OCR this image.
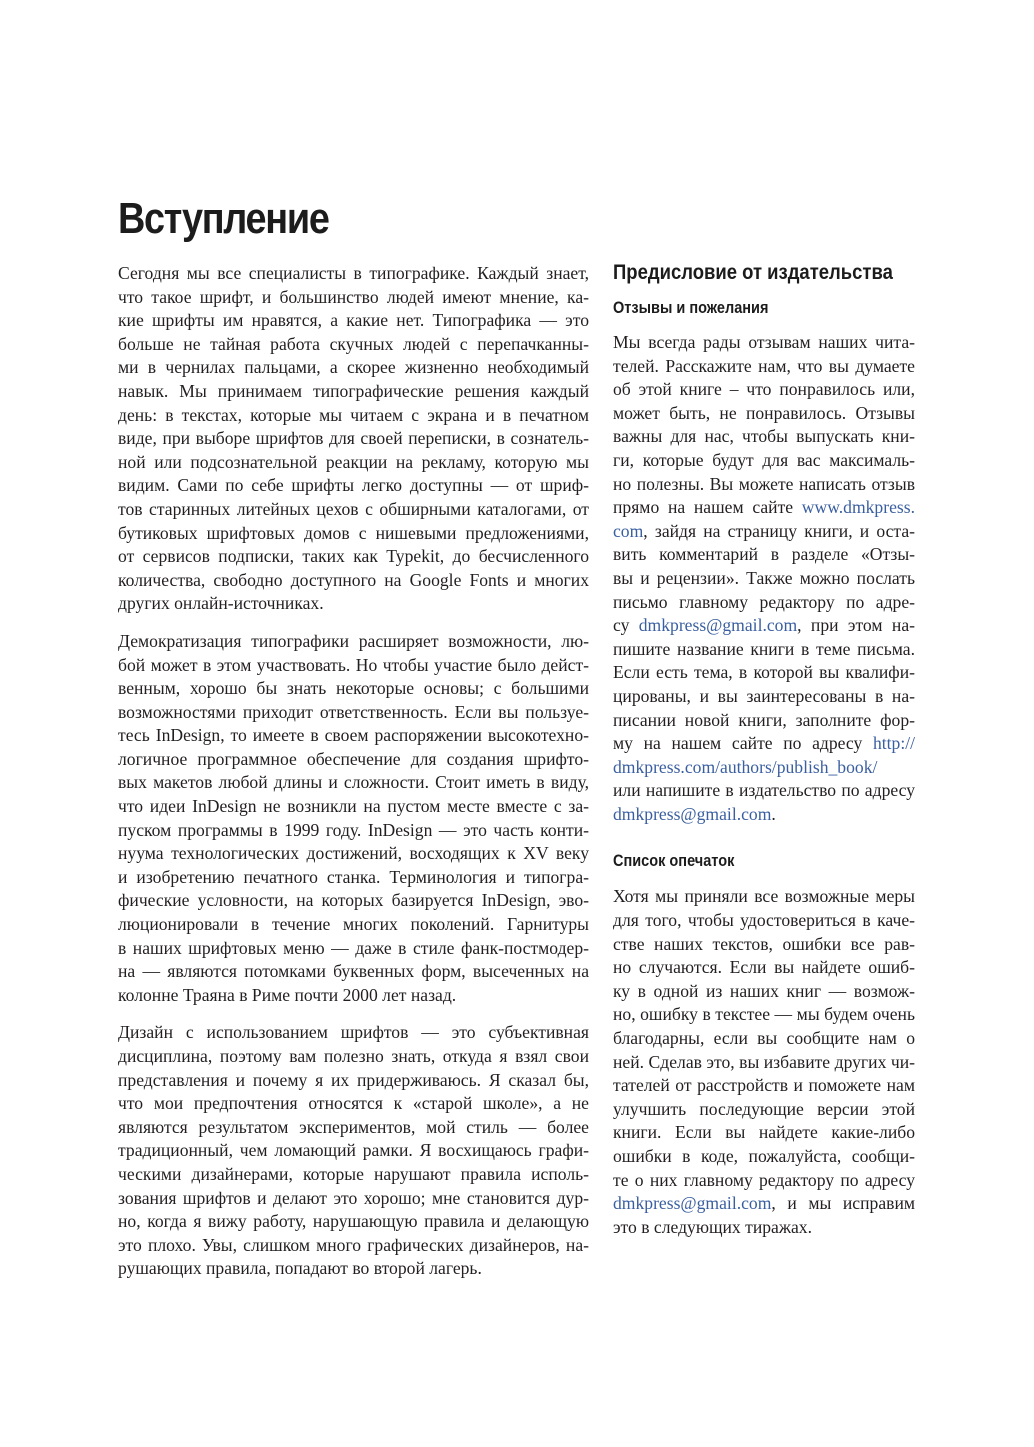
Вступление
Сегодня мы все специалисты в типографике. Каждый знает,
что такое шрифт, и большинство людей имеют мнение, ка-
кие шрифты им нравятся, а какие нет. Типографика — это
больше не тайная работа скучных людей с перепачканны-
ми в чернилах пальцами, а скорее жизненно необходимый
навык. Мы принимаем типографические решения каждый
день: в текстах, которые мы читаем с экрана и в печатном
виде, при выборе шрифтов для своей переписки, в сознатель-
ной или подсознательной реакции на рекламу, которую мы
видим. Сами по себе шрифты легко доступны — от шриф-
тов старинных литейных цехов с обширными каталогами, от
бутиковых шрифтовых домов с нишевыми предложениями,
от сервисов подписки, таких как Typekit, до бесчисленного
количества, свободно доступного на Google Fonts и многих
других онлайн-источниках.
Демократизация типографики расширяет возможности, лю-
бой может в этом участвовать. Но чтобы участие было дейст-
венным, хорошо бы знать некоторые основы; с большими
возможностями приходит ответственность. Если вы пользуе-
тесь InDesign, то имеете в своем распоряжении высокотехно-
логичное программное обеспечение для создания шрифто-
вых макетов любой длины и сложности. Стоит иметь в виду,
что идеи InDesign не возникли на пустом месте вместе с за-
пуском программы в 1999 году. InDesign — это часть конти-
нуума технологических достижений, восходящих к XV веку
и изобретению печатного станка. Терминология и типогра-
фические условности, на которых базируется InDesign, эво-
люционировали в течение многих поколений. Гарнитуры
в наших шрифтовых меню — даже в стиле фанк-постмодер-
на — являются потомками буквенных форм, высеченных на
колонне Траяна в Риме почти 2000 лет назад.
Дизайн с использованием шрифтов — это субъективная
дисциплина, поэтому вам полезно знать, откуда я взял свои
представления и почему я их придерживаюсь. Я сказал бы,
что мои предпочтения относятся к «старой школе», а не
являются результатом экспериментов, мой стиль — более
традиционный, чем ломающий рамки. Я восхищаюсь графи-
ческими дизайнерами, которые нарушают правила исполь-
зования шрифтов и делают это хорошо; мне становится дур-
но, когда я вижу работу, нарушающую правила и делающую
это плохо. Увы, слишком много графических дизайнеров, на-
рушающих правила, попадают во второй лагерь.
Предисловие от издательства
Отзывы и пожелания
Мы всегда рады отзывам наших чита-
телей. Расскажите нам, что вы думаете
об этой книге – что понравилось или,
может быть, не понравилось. Отзывы
важны для нас, чтобы выпускать кни-
ги, которые будут для вас максималь-
но полезны. Вы можете написать отзыв
прямо на нашем сайте www.dmkpress.
com, зайдя на страницу книги, и оста-
вить комментарий в разделе «Отзы-
вы и рецензии». Также можно послать
письмо главному редактору по адре-
су dmkpress@gmail.com, при этом на-
пишите название книги в теме письма.
Если есть тема, в которой вы квалифи-
цированы, и вы заинтересованы в на-
писании новой книги, заполните фор-
му на нашем сайте по адресу http://
dmkpress.com/authors/publish_book/
или напишите в издательство по адресу
dmkpress@gmail.com.
Список опечаток
Хотя мы приняли все возможные меры
для того, чтобы удостовериться в каче-
стве наших текстов, ошибки все рав-
но случаются. Если вы найдете ошиб-
ку в одной из наших книг — возмож-
но, ошибку в текстее — мы будем очень
благодарны, если вы сообщите нам о
ней. Сделав это, вы избавите других чи-
тателей от расстройств и поможете нам
улучшить последующие версии этой
книги. Если вы найдете какие-либо
ошибки в коде, пожалуйста, сообщи-
те о них главному редактору по адресу
dmkpress@gmail.com, и мы исправим
это в следующих тиражах.
